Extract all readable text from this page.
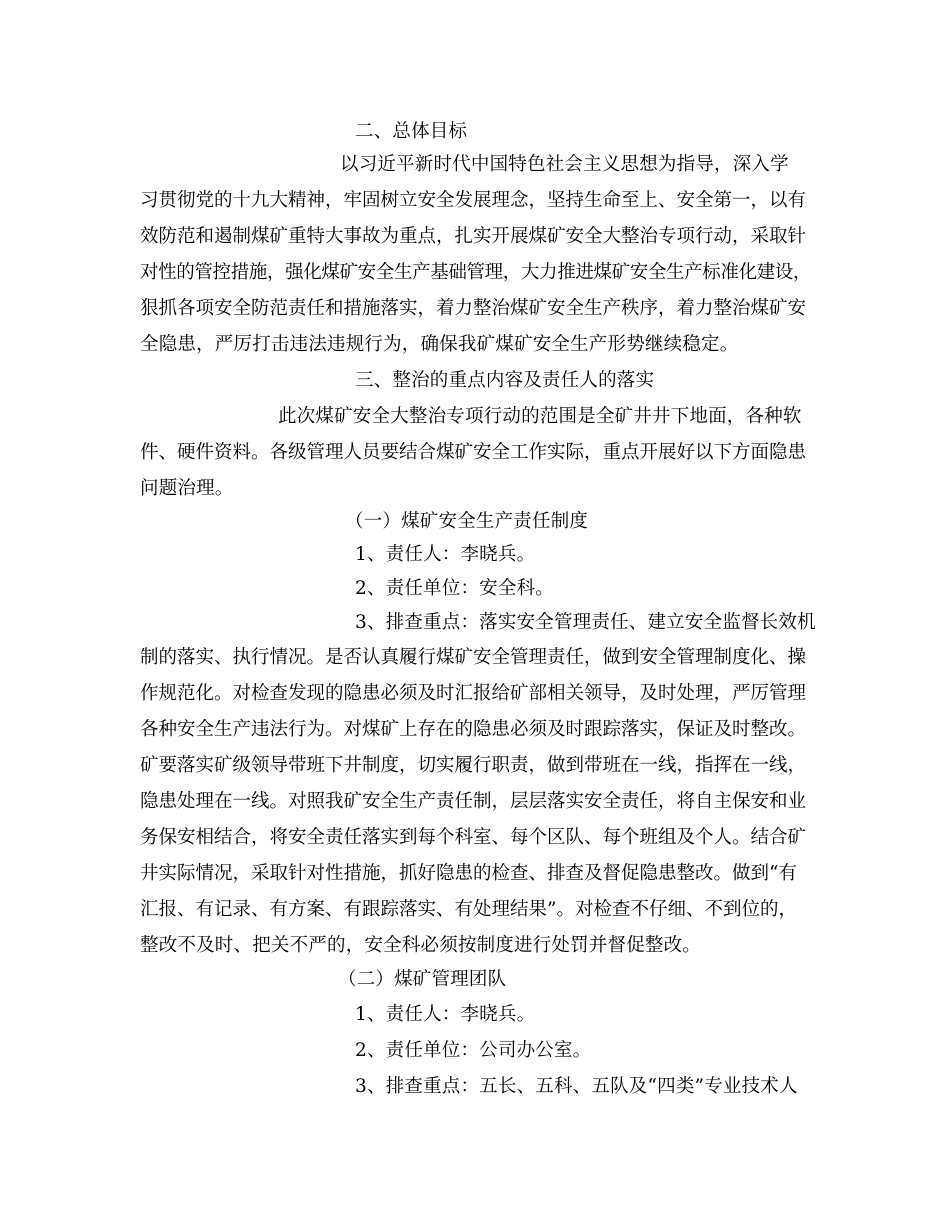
二、总体目标
以习近平新时代中国特色社会主义思想为指导，深入学
习贯彻党的十九大精神，牢固树立安全发展理念，坚持生命至上、安全第一，以有
效防范和遏制煤矿重特大事故为重点，扎实开展煤矿安全大整治专项行动，采取针
对性的管控措施，强化煤矿安全生产基础管理，大力推进煤矿安全生产标准化建设，
狠抓各项安全防范责任和措施落实，着力整治煤矿安全生产秩序，着力整治煤矿安
全隐患，严厉打击违法违规行为，确保我矿煤矿安全生产形势继续稳定。
三、整治的重点内容及责任人的落实
此次煤矿安全大整治专项行动的范围是全矿井井下地面，各种软
件、硬件资料。各级管理人员要结合煤矿安全工作实际，重点开展好以下方面隐患
问题治理。
（一）煤矿安全生产责任制度
1、责任人：李晓兵。
2、责任单位：安全科。
3、排查重点：落实安全管理责任、建立安全监督长效机
制的落实、执行情况。是否认真履行煤矿安全管理责任，做到安全管理制度化、操
作规范化。对检查发现的隐患必须及时汇报给矿部相关领导，及时处理，严厉管理
各种安全生产违法行为。对煤矿上存在的隐患必须及时跟踪落实，保证及时整改。
矿要落实矿级领导带班下井制度，切实履行职责，做到带班在一线，指挥在一线，
隐患处理在一线。对照我矿安全生产责任制，层层落实安全责任，将自主保安和业
务保安相结合，将安全责任落实到每个科室、每个区队、每个班组及个人。结合矿
井实际情况，采取针对性措施，抓好隐患的检查、排查及督促隐患整改。做到“有
汇报、有记录、有方案、有跟踪落实、有处理结果”。对检查不仔细、不到位的，
整改不及时、把关不严的，安全科必须按制度进行处罚并督促整改。
（二）煤矿管理团队
1、责任人：李晓兵。
2、责任单位：公司办公室。
3、排查重点：五长、五科、五队及“四类”专业技术人
